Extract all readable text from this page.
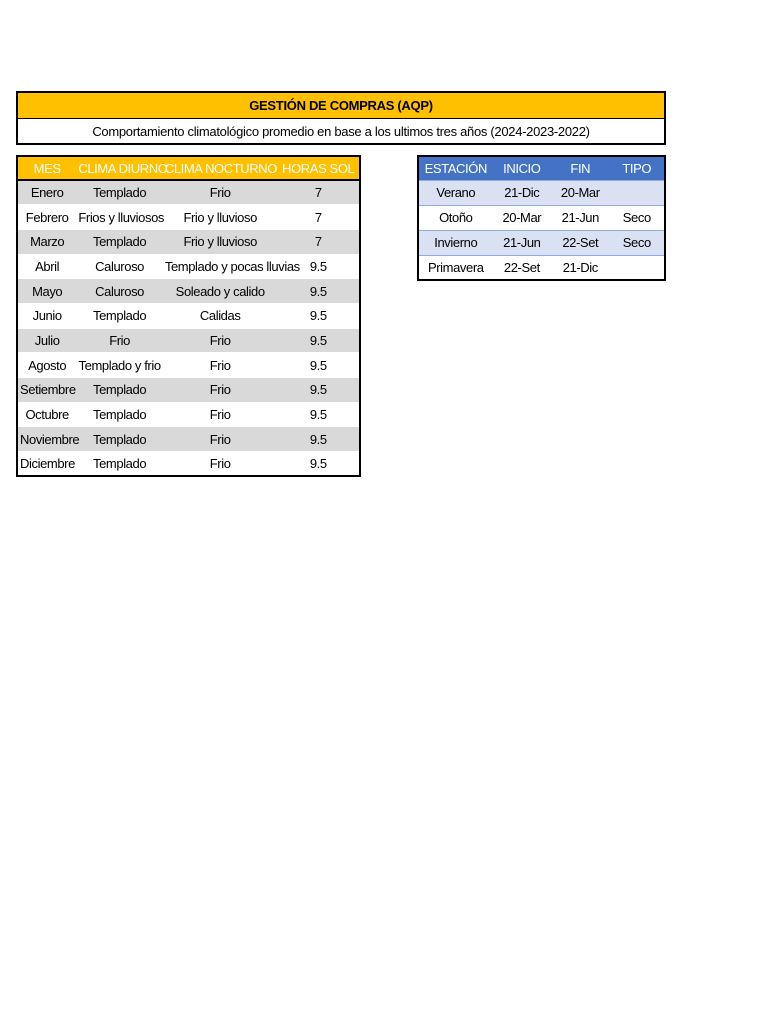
GESTIÓN DE COMPRAS (AQP)
Comportamiento climatológico promedio en base a los ultimos tres años (2024-2023-2022)
MES	CLIMA DIURNO	CLIMA NOCTURNO	HORAS SOL
Enero	Templado	Frio	7
Febrero	Frios y lluviosos	Frio y lluvioso	7
Marzo	Templado	Frio y lluvioso	7
Abril	Caluroso	Templado y pocas lluvias	9.5
Mayo	Caluroso	Soleado y calido	9.5
Junio	Templado	Calidas	9.5
Julio	Frio	Frio	9.5
Agosto	Templado y frio	Frio	9.5
Setiembre	Templado	Frio	9.5
Octubre	Templado	Frio	9.5
Noviembre	Templado	Frio	9.5
Diciembre	Templado	Frio	9.5
ESTACIÓN	INICIO	FIN	TIPO
Verano	21-Dic	20-Mar	
Otoño	20-Mar	21-Jun	Seco
Invierno	21-Jun	22-Set	Seco
Primavera	22-Set	21-Dic	
